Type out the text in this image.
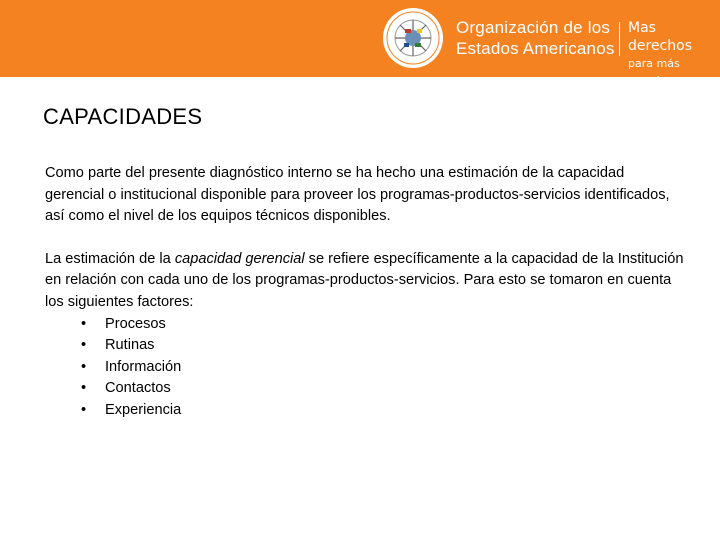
Organización de los
Estados Americanos
Mas derechos
para más gente
CAPACIDADES

Como parte del presente diagnóstico interno se ha hecho una estimación de la capacidad gerencial o institucional disponible para proveer los programas-productos-servicios identificados, así como el nivel de los equipos técnicos disponibles.

La estimación de la capacidad gerencial se refiere específicamente a la capacidad de la Institución en relación con cada uno de los programas-productos-servicios. Para esto se tomaron en cuenta los siguientes factores:

• Procesos
• Rutinas
• Información
• Contactos
• Experiencia
